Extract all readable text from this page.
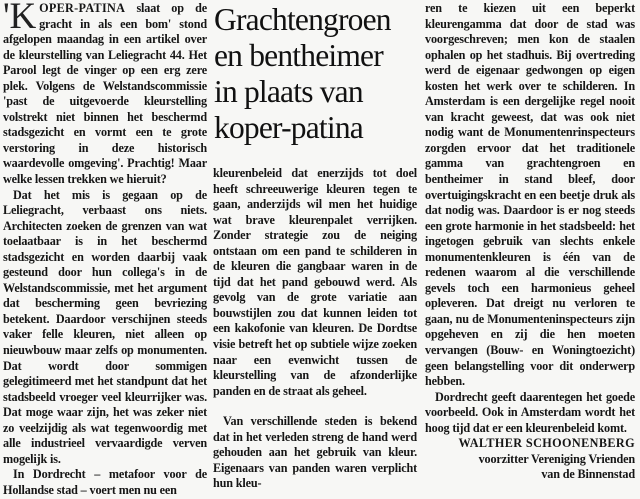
'KOPER-PATINA slaat op de gracht in als een bom' stond afgelopen maandag in een artikel over de kleurstelling van Leliegracht 44. Het Parool legt de vinger op een erg zere plek. Volgens de Welstandscommissie 'past de uitgevoerde kleurstelling volstrekt niet binnen het beschermd stadsgezicht en vormt een te grote verstoring in deze historisch waardevolle omgeving'. Prachtig! Maar welke lessen trekken we hieruit?

Dat het mis is gegaan op de Leliegracht, verbaast ons niets. Architecten zoeken de grenzen van wat toelaatbaar is in het beschermd stadsgezicht en worden daarbij vaak gesteund door hun collega's in de Welstandscommissie, met het argument dat bescherming geen bevriezing betekent. Daardoor verschijnen steeds vaker felle kleuren, niet alleen op nieuwbouw maar zelfs op monumenten. Dat wordt door sommigen gelegitimeerd met het standpunt dat het stadsbeeld vroeger veel kleurrijker was. Dat moge waar zijn, het was zeker niet zo veelzijdig als wat tegenwoordig met alle industrieel vervaardigde verven mogelijk is.

In Dordrecht – metafoor voor de Hollandse stad – voert men nu een

Grachtengroen
en bentheimer
in plaats van
koper-patina

kleurenbeleid dat enerzijds tot doel heeft schreeuwerige kleuren tegen te gaan, anderzijds wil men het huidige wat brave kleurenpalet verrijken. Zonder strategie zou de neiging ontstaan om een pand te schilderen in de kleuren die gangbaar waren in de tijd dat het pand gebouwd werd. Als gevolg van de grote variatie aan bouwstijlen zou dat kunnen leiden tot een kakofonie van kleuren. De Dordtse visie betreft het op subtiele wijze zoeken naar een evenwicht tussen de kleurstelling van de afzonderlijke panden en de straat als geheel.

Van verschillende steden is bekend dat in het verleden streng de hand werd gehouden aan het gebruik van kleur. Eigenaars van panden waren verplicht hun kleu-

ren te kiezen uit een beperkt kleurengamma dat door de stad was voorgeschreven; men kon de staalen ophalen op het stadhuis. Bij overtreding werd de eigenaar gedwongen op eigen kosten het werk over te schilderen. In Amsterdam is een dergelijke regel nooit van kracht geweest, dat was ook niet nodig want de Monumentenrinspecteurs zorgden ervoor dat het traditionele gamma van grachtengroen en bentheimer in stand bleef, door overtuigingskracht en een beetje druk als dat nodig was. Daardoor is er nog steeds een grote harmonie in het stadsbeeld: het ingetogen gebruik van slechts enkele monumentenkleuren is één van de redenen waarom al die verschillende gevels toch een harmonieus geheel opleveren. Dat dreigt nu verloren te gaan, nu de Monumenteninspecteurs zijn opgeheven en zij die hen moeten vervangen (Bouw- en Woningtoezicht) geen belangstelling voor dit onderwerp hebben.

Dordrecht geeft daarentegen het goede voorbeeld. Ook in Amsterdam wordt het hoog tijd dat er een kleurenbeleid komt.

WALTHER SCHOONENBERG
voorzitter Vereniging Vrienden
van de Binnenstad
